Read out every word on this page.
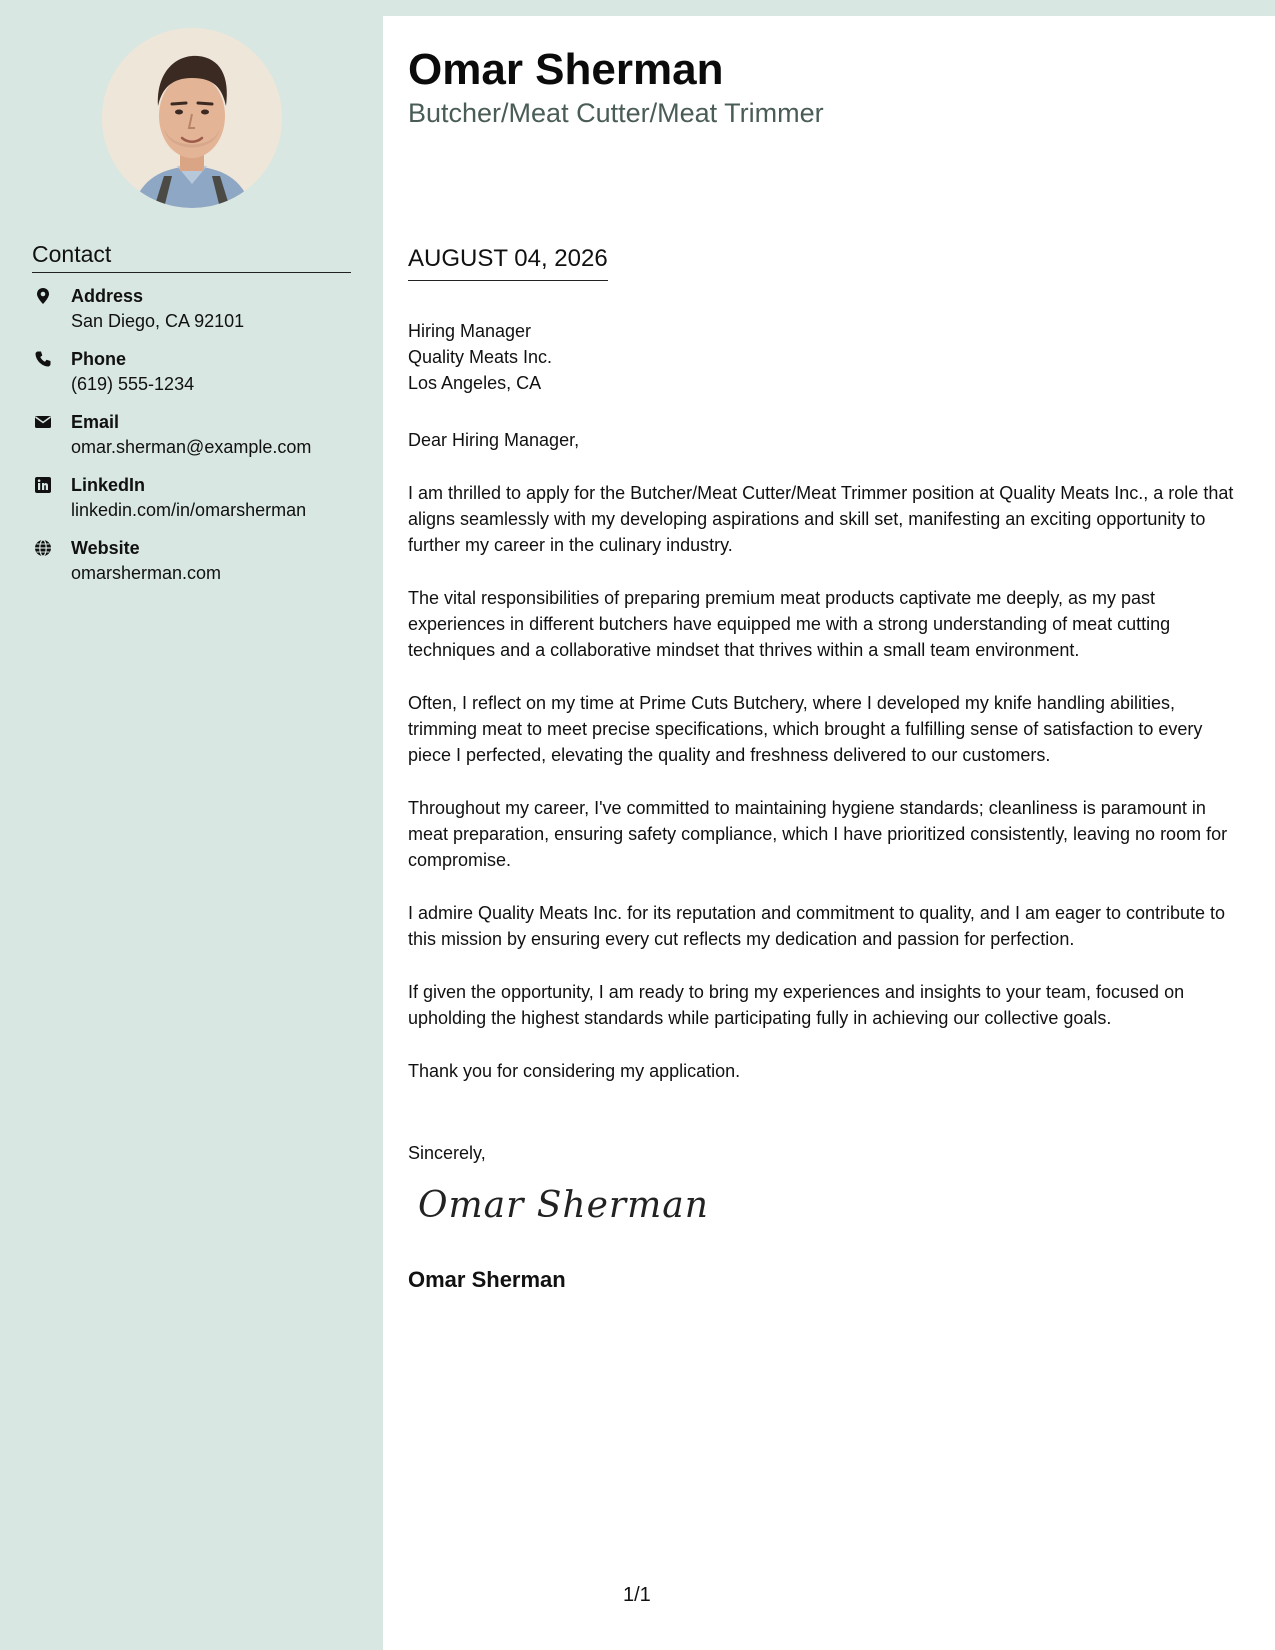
Contact
Address
San Diego, CA 92101
Phone
(619) 555-1234
Email
omar.sherman@example.com
LinkedIn
linkedin.com/in/omarsherman
Website
omarsherman.com
Omar Sherman
Butcher/Meat Cutter/Meat Trimmer
AUGUST 04, 2026
Hiring Manager
Quality Meats Inc.
Los Angeles, CA

Dear Hiring Manager,

I am thrilled to apply for the Butcher/Meat Cutter/Meat Trimmer position at Quality Meats Inc., a role that aligns seamlessly with my developing aspirations and skill set, manifesting an exciting opportunity to further my career in the culinary industry.

The vital responsibilities of preparing premium meat products captivate me deeply, as my past experiences in different butchers have equipped me with a strong understanding of meat cutting techniques and a collaborative mindset that thrives within a small team environment.

Often, I reflect on my time at Prime Cuts Butchery, where I developed my knife handling abilities, trimming meat to meet precise specifications, which brought a fulfilling sense of satisfaction to every piece I perfected, elevating the quality and freshness delivered to our customers.

Throughout my career, I've committed to maintaining hygiene standards; cleanliness is paramount in meat preparation, ensuring safety compliance, which I have prioritized consistently, leaving no room for compromise.

I admire Quality Meats Inc. for its reputation and commitment to quality, and I am eager to contribute to this mission by ensuring every cut reflects my dedication and passion for perfection.

If given the opportunity, I am ready to bring my experiences and insights to your team, focused on upholding the highest standards while participating fully in achieving our collective goals.

Thank you for considering my application.

Sincerely,
Omar Sherman
Omar Sherman
1/1
